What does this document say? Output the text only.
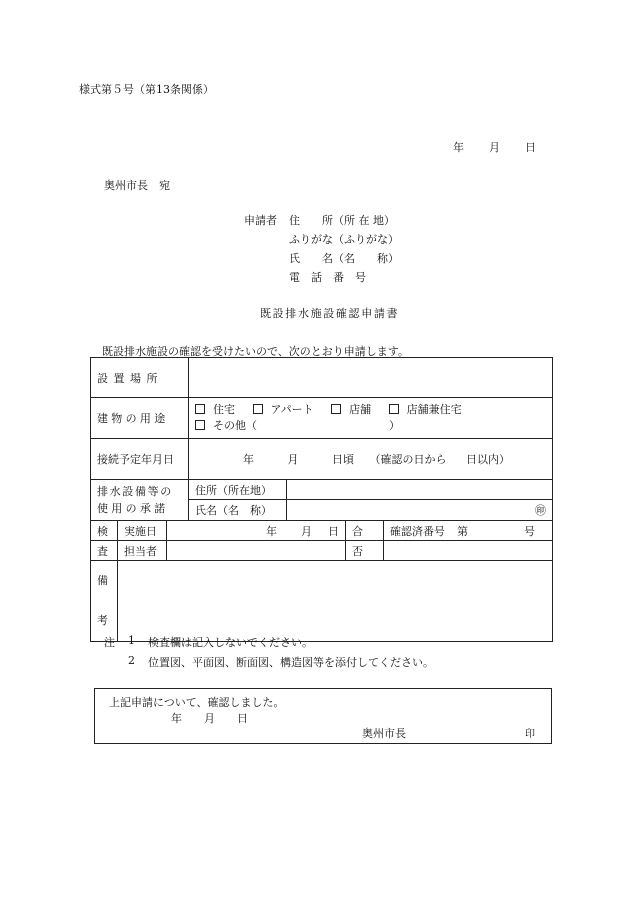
様式第５号（第13条関係）
年 月 日
奥州市長　宛
申請者 住　　所（所 在 地）
ふりがな（ふりがな）
氏　　名（名　　称）
電　話　番　号
既設排水施設確認申請書
既設排水施設の確認を受けたいので、次のとおり申請します。
設置場所						
建物の用途			住宅 アパート 店舗 店舗兼住宅
その他（ ）			
接続予定年月日			年 月 日頃 （確認の日から 日以内）			
排水設備等の
使用の承諾			住所（所在地）			
			氏名（名　称）	㊞		
検	実施日	年 月 日			合	確認済番号 第 号
査	担当者				否	
備
考						
注 1 検査欄は記入しないでください。
2 位置図、平面図、断面図、構造図等を添付してください。
上記申請について、確認しました。
年 月 日
奥州市長	印
